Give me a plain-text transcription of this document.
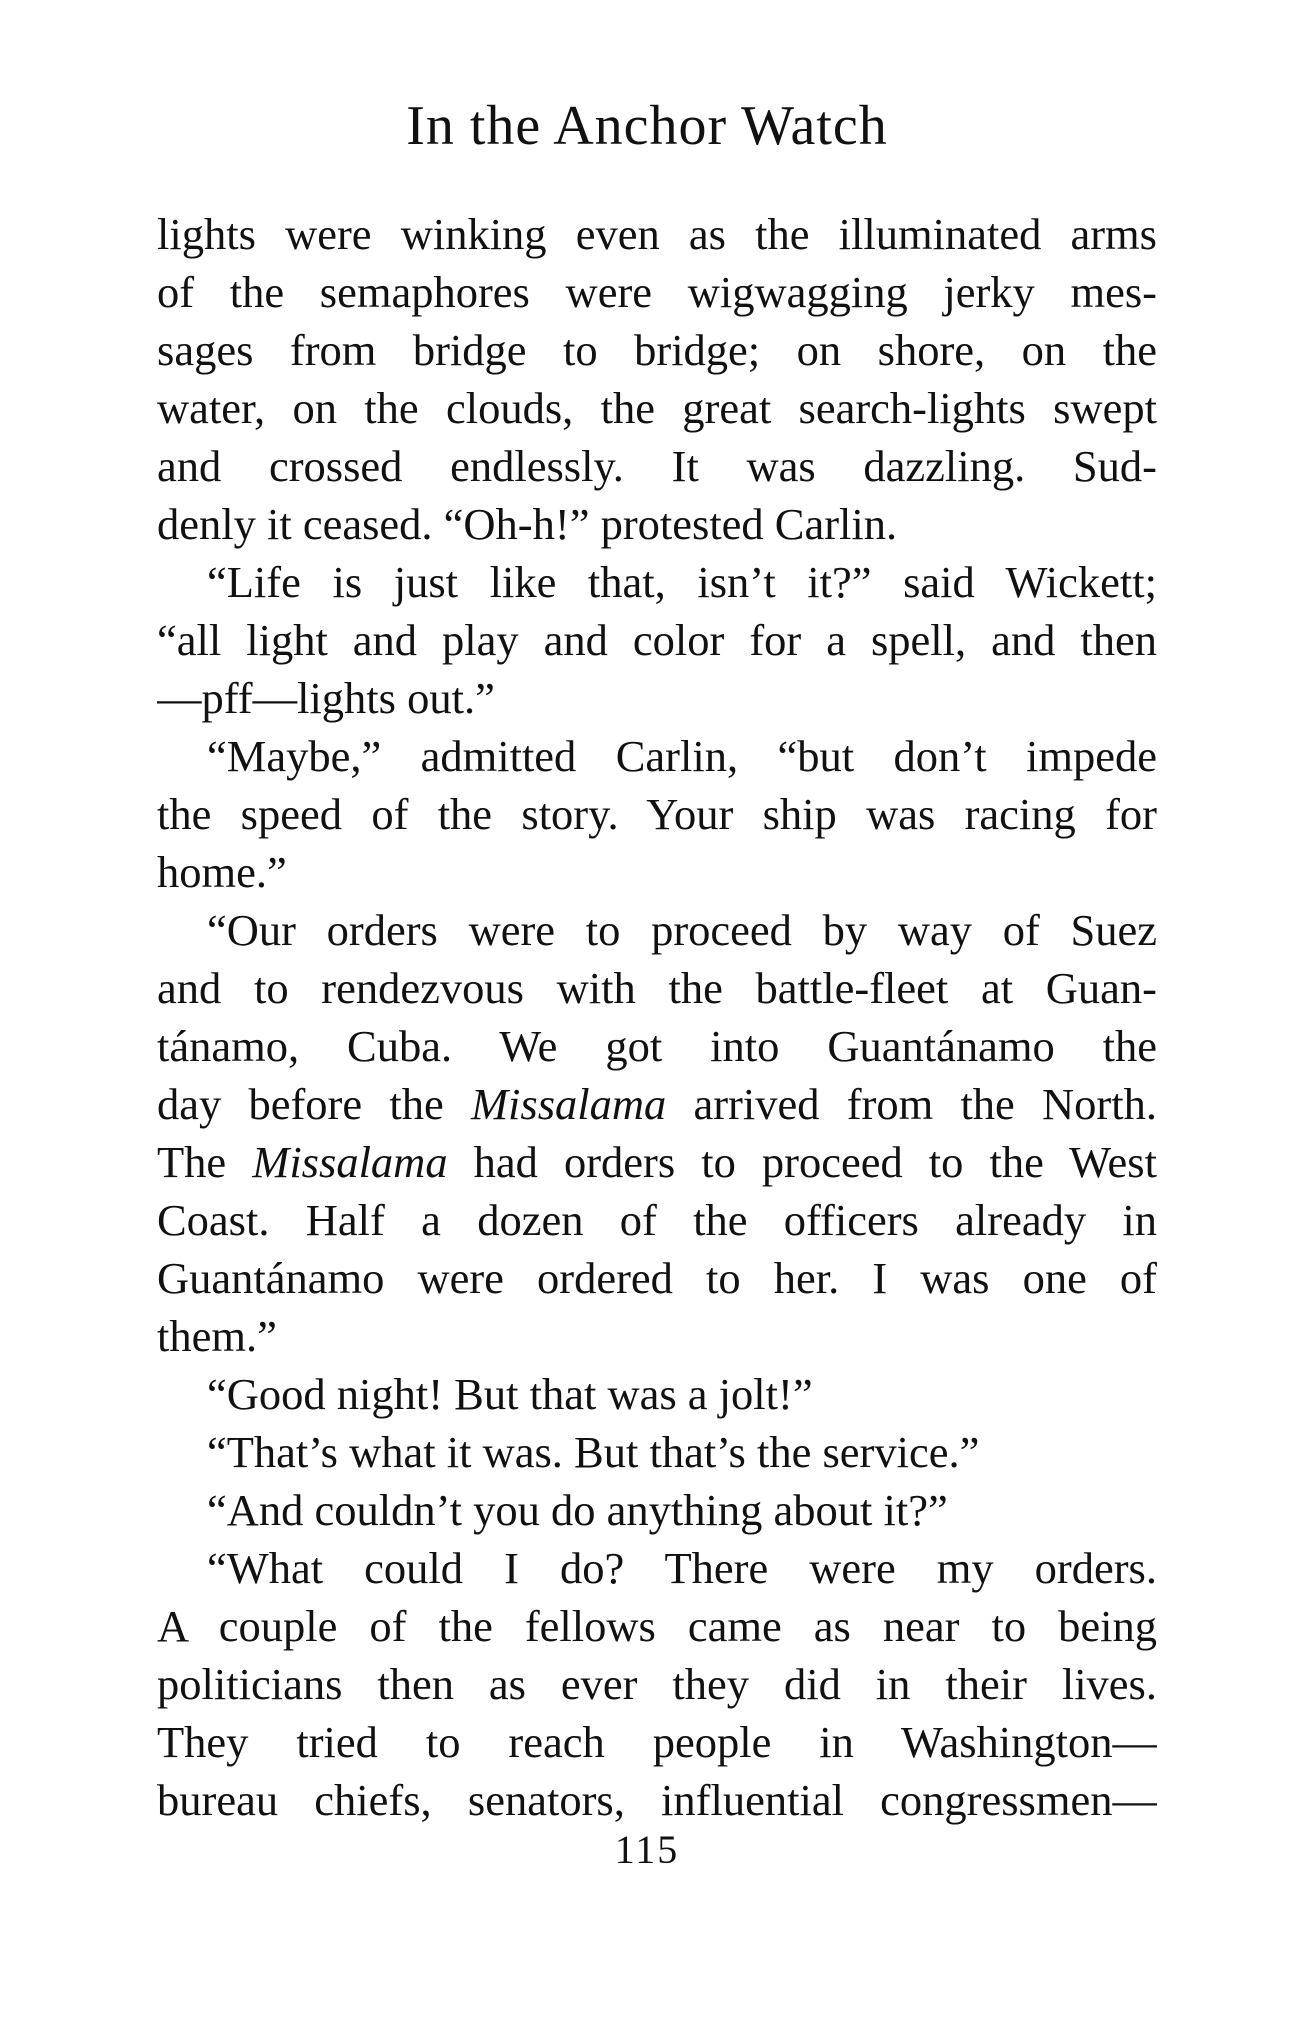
In the Anchor Watch
lights were winking even as the illuminated arms
of the semaphores were wigwagging jerky mes-
sages from bridge to bridge; on shore, on the
water, on the clouds, the great search-lights swept
and crossed endlessly. It was dazzling. Sud-
denly it ceased. “Oh-h!” protested Carlin.
“Life is just like that, isn’t it?” said Wickett;
“all light and play and color for a spell, and then
—pff—lights out.”
“Maybe,” admitted Carlin, “but don’t impede
the speed of the story. Your ship was racing for
home.”
“Our orders were to proceed by way of Suez
and to rendezvous with the battle-fleet at Guan-
tánamo, Cuba. We got into Guantánamo the
day before the Missalama arrived from the North.
The Missalama had orders to proceed to the West
Coast. Half a dozen of the officers already in
Guantánamo were ordered to her. I was one of
them.”
“Good night! But that was a jolt!”
“That’s what it was. But that’s the service.”
“And couldn’t you do anything about it?”
“What could I do? There were my orders.
A couple of the fellows came as near to being
politicians then as ever they did in their lives.
They tried to reach people in Washington—
bureau chiefs, senators, influential congressmen—
115
